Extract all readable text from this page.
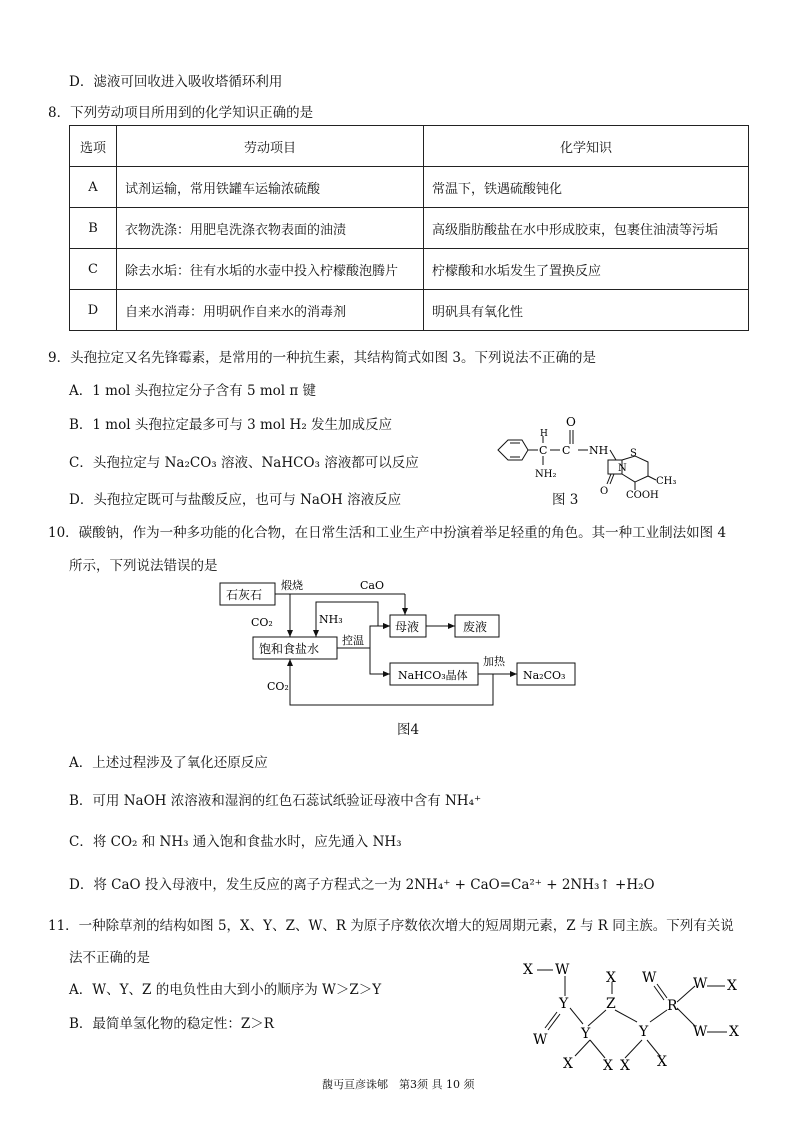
D．滤液可回收进入吸收塔循环利用
8．下列劳动项目所用到的化学知识正确的是
选项	劳动项目	化学知识
A	试剂运输，常用铁罐车运输浓硫酸	常温下，铁遇硫酸钝化
B	衣物洗涤：用肥皂洗涤衣物表面的油渍	高级脂肪酸盐在水中形成胶束，包裹住油渍等污垢
C	除去水垢：往有水垢的水壶中投入柠檬酸泡腾片	柠檬酸和水垢发生了置换反应
D	自来水消毒：用明矾作自来水的消毒剂	明矾具有氧化性
9．头孢拉定又名先锋霉素，是常用的一种抗生素，其结构简式如图 3。下列说法不正确的是
A．1 mol 头孢拉定分子含有 5 mol π 键
B．1 mol 头孢拉定最多可与 3 mol H₂ 发生加成反应
C．头孢拉定与 Na₂CO₃ 溶液、NaHCO₃ 溶液都可以反应
D．头孢拉定既可与盐酸反应，也可与 NaOH 溶液反应
O
C
H
C NH
NH₂
N
S
CH₃
O COOH
图 3
10．碳酸钠，作为一种多功能的化合物，在日常生活和工业生产中扮演着举足轻重的角色。其一种工业制法如图 4
所示，下列说法错误的是
石灰石
煅烧	CaO
CO₂	NH₃
饱和食盐水
控温
母液	废液
NaHCO₃晶体
加热
Na₂CO₃
CO₂
图4
A．上述过程涉及了氧化还原反应
B．可用 NaOH 浓溶液和湿润的红色石蕊试纸验证母液中含有 NH₄⁺
C．将 CO₂ 和 NH₃ 通入饱和食盐水时，应先通入 NH₃
D．将 CaO 投入母液中，发生反应的离子方程式之一为 2NH₄⁺ + CaO=Ca²⁺ + 2NH₃↑ +H₂O
11．一种除草剂的结构如图 5，X、Y、Z、W、R 为原子序数依次增大的短周期元素，Z 与 R 同主族。下列有关说
法不正确的是
A．W、Y、Z 的电负性由大到小的顺序为 W＞Z＞Y
B．最简单氢化物的稳定性：Z＞R
X W
Y
W Y
X
Z
Y
W
R
W X
W X
X X X X
馥丏亘彦诛郇　第3须 具 10 须
